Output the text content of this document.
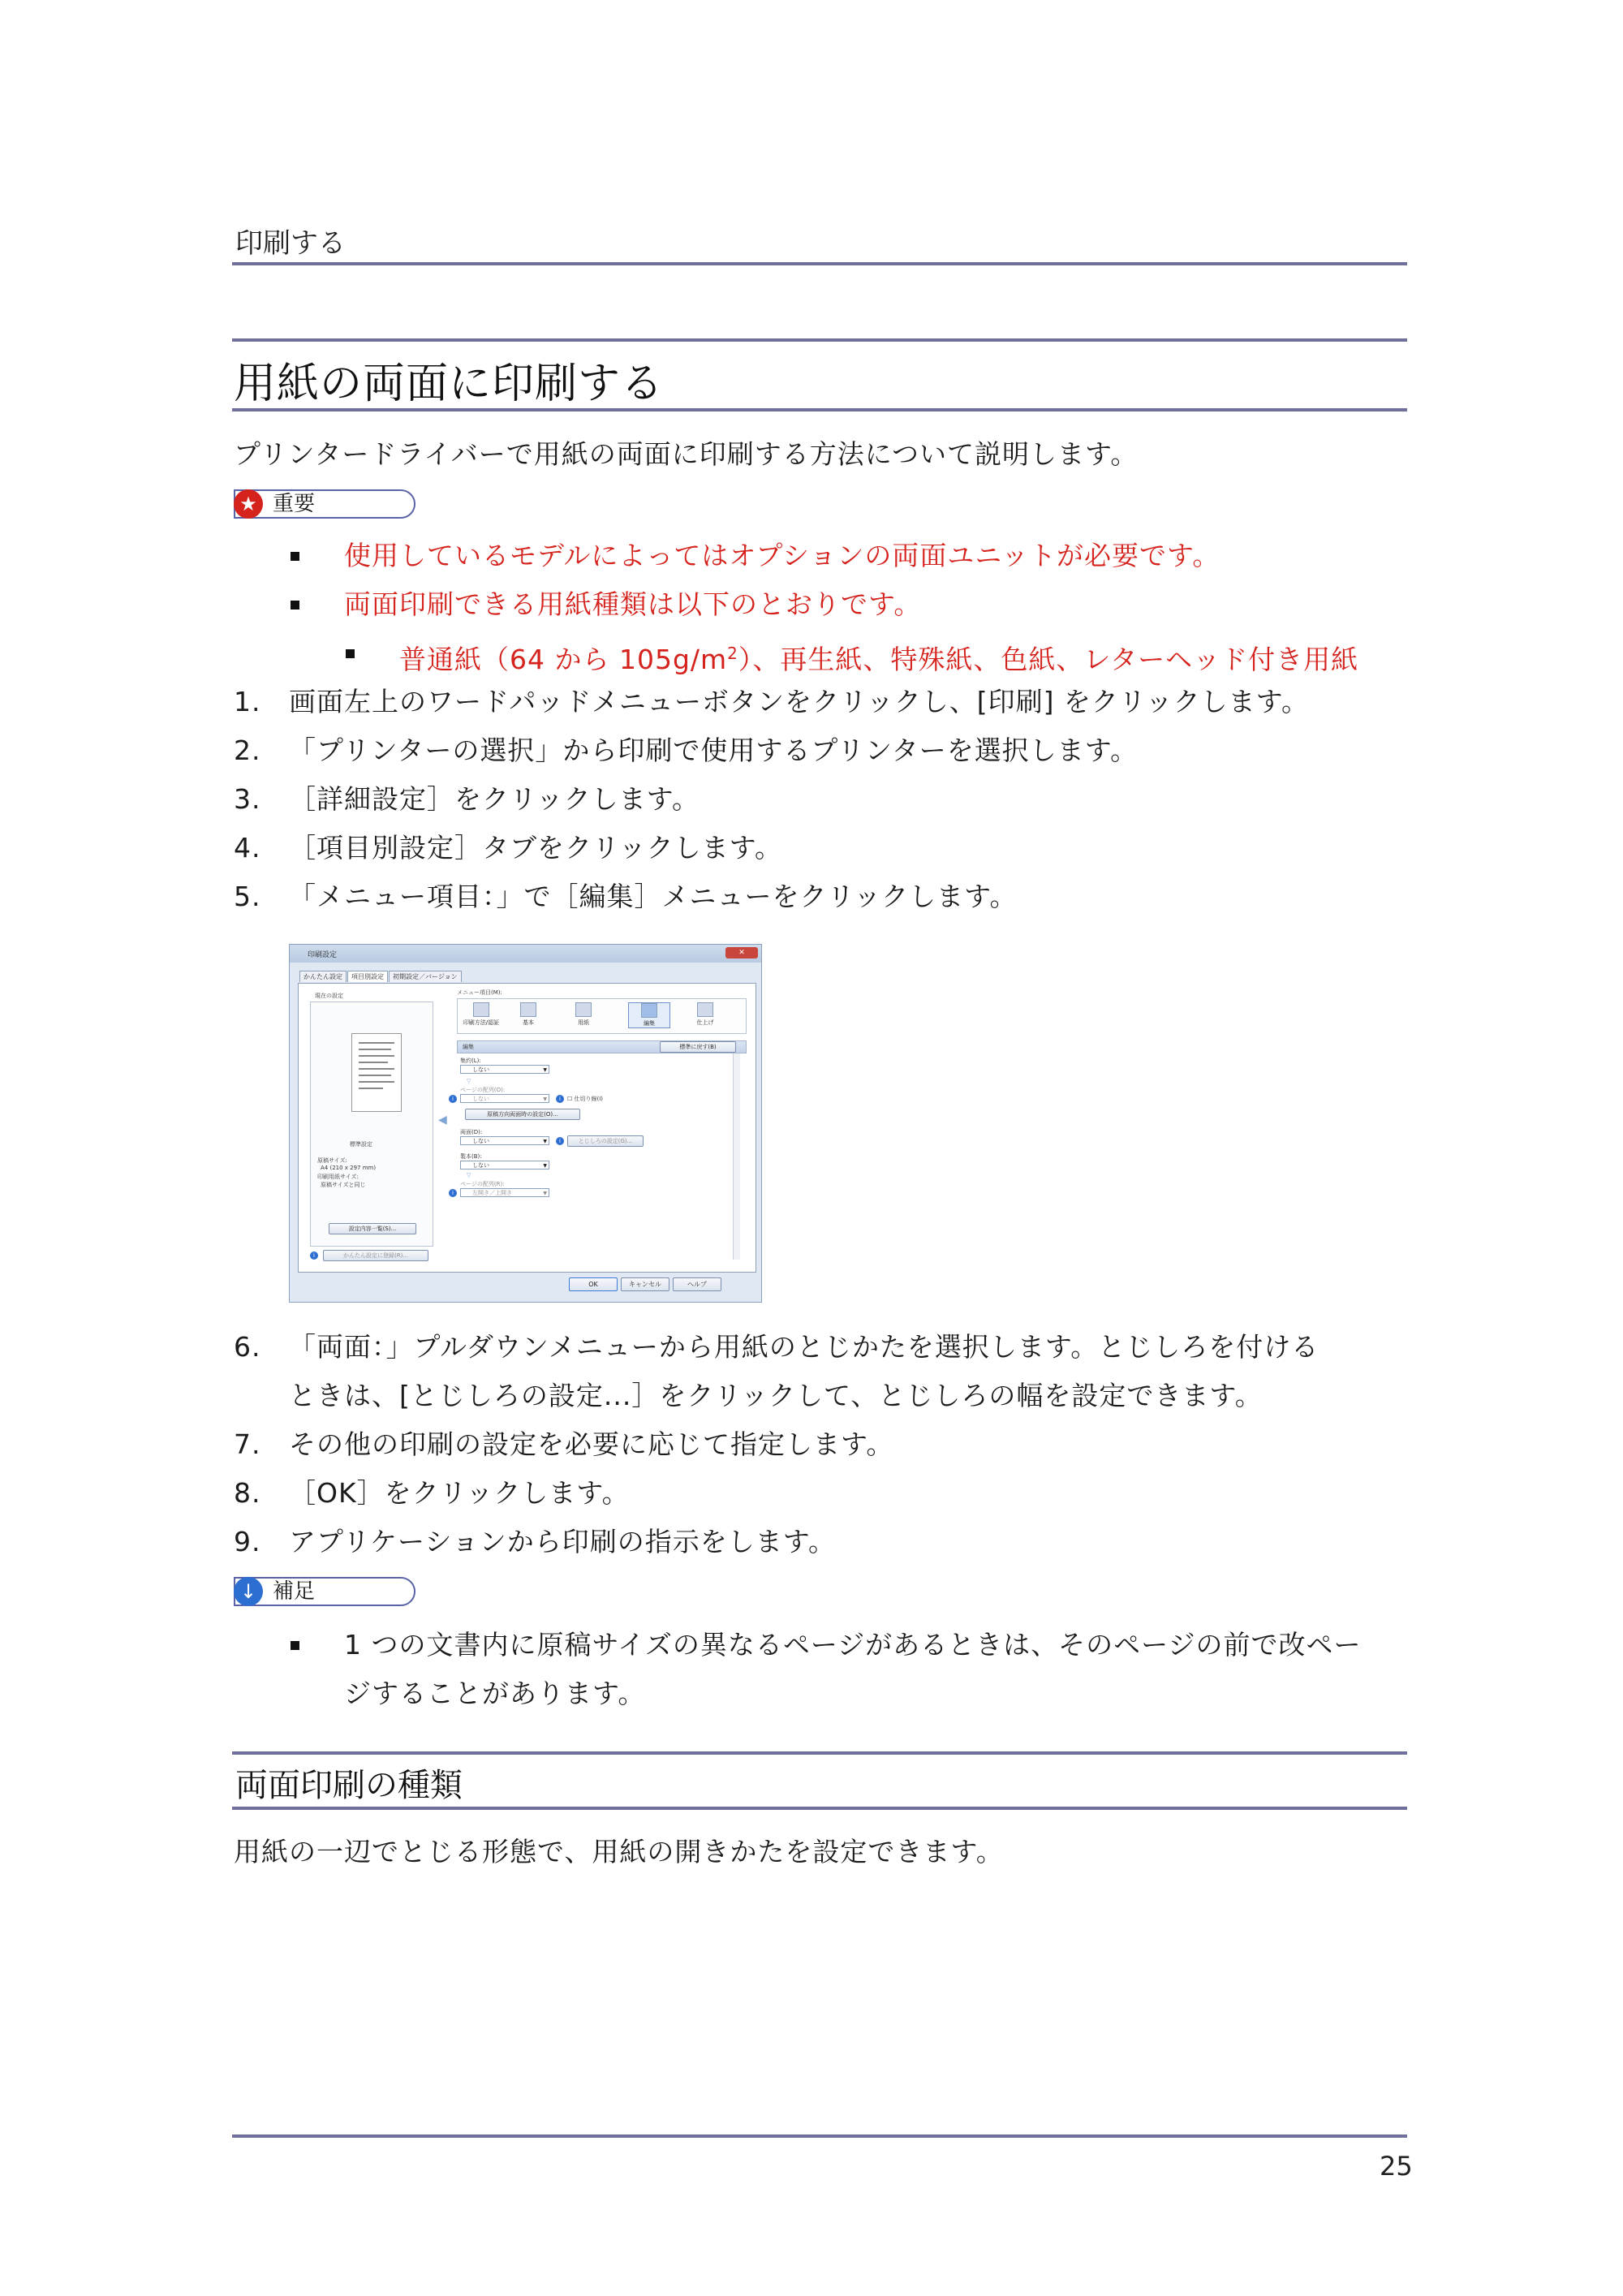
印刷する
用紙の両面に印刷する
プリンタードライバーで用紙の両面に印刷する方法について説明します。
★ 重要
使用しているモデルによってはオプションの両面ユニットが必要です。
両面印刷できる用紙種類は以下のとおりです。
普通紙（64 から $105g/m^2$）、再生紙、特殊紙、色紙、レターヘッド付き用紙
1. 画面左上のワードパッドメニューボタンをクリックし、[印刷] をクリックします。
2. 「プリンターの選択」から印刷で使用するプリンターを選択します。
3. ［詳細設定］をクリックします。
4. ［項目別設定］タブをクリックします。
5. 「メニュー項目：」で［編集］メニューをクリックします。
印刷設定	✕
かんたん設定 項目別設定 初期設定／バージョン
現在の設定
標準設定
原稿サイズ:
A4 (210 x 297 mm)
印刷用紙サイズ:
原稿サイズと同じ
設定内容一覧(S)...
i	かんたん設定に登録(R)...
◀
メニュー項目(M):
印刷方法/認証	基本	用紙	編集	仕上げ
編集	標準に戻す(B)
集約(L):
しない ▼
▽
ページの配列(O):
i	しない ▼	i	☐ 仕切り線(I)
原稿方向両面時の設定(O)...
両面(D):
しない ▼	i	とじしろの設定(G)...
製本(B):
しない ▼
▽
ページの配列(R):
i	左開き／上開き ▼
OK	キャンセル	ヘルプ
6. 「両面：」プルダウンメニューから用紙のとじかたを選択します。とじしろを付ける
ときは、[とじしろの設定...］をクリックして、とじしろの幅を設定できます。
7. その他の印刷の設定を必要に応じて指定します。
8. ［OK］をクリックします。
9. アプリケーションから印刷の指示をします。
↓ 補足
1 つの文書内に原稿サイズの異なるページがあるときは、そのページの前で改ペー
ジすることがあります。
両面印刷の種類
用紙の一辺でとじる形態で、用紙の開きかたを設定できます。
25
